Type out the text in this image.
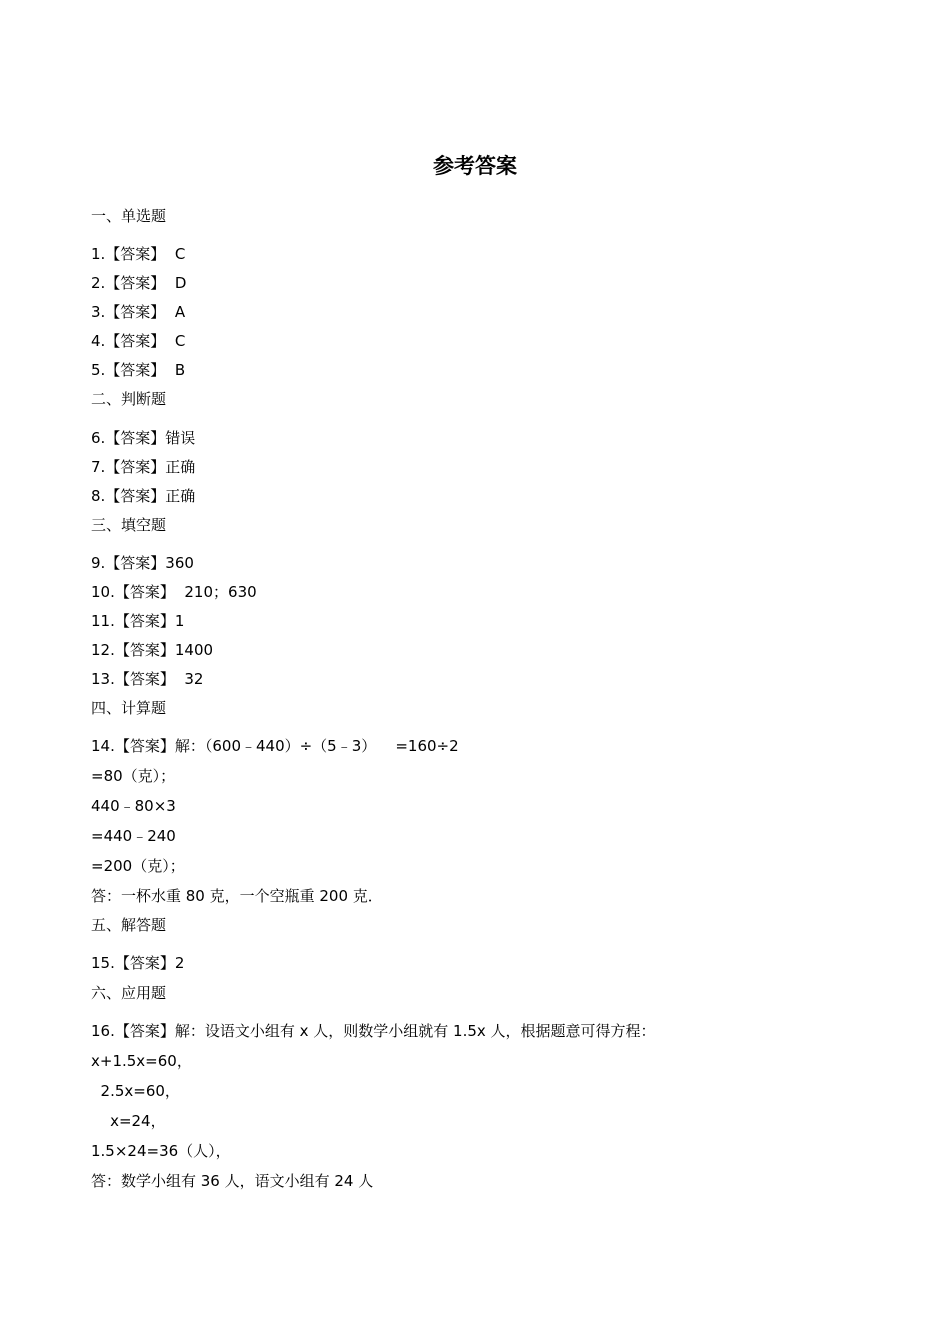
参考答案
一、单选题
1.【答案】  C
2.【答案】  D
3.【答案】  A
4.【答案】  C
5.【答案】  B
二、判断题
6.【答案】错误
7.【答案】正确
8.【答案】正确
三、填空题
9.【答案】360
10.【答案】  210；630
11.【答案】1
12.【答案】1400
13.【答案】  32
四、计算题
14.【答案】解：（600﹣440）÷（5﹣3）    =160÷2
=80（克）；
440﹣80×3
=440﹣240
=200（克）；
答：一杯水重 80 克，一个空瓶重 200 克．
五、解答题
15.【答案】2
六、应用题
16.【答案】解：设语文小组有 x 人，则数学小组就有 1.5x 人，根据题意可得方程：
x+1.5x=60，
2.5x=60，
x=24，
1.5×24=36（人），
答：数学小组有 36 人，语文小组有 24 人
